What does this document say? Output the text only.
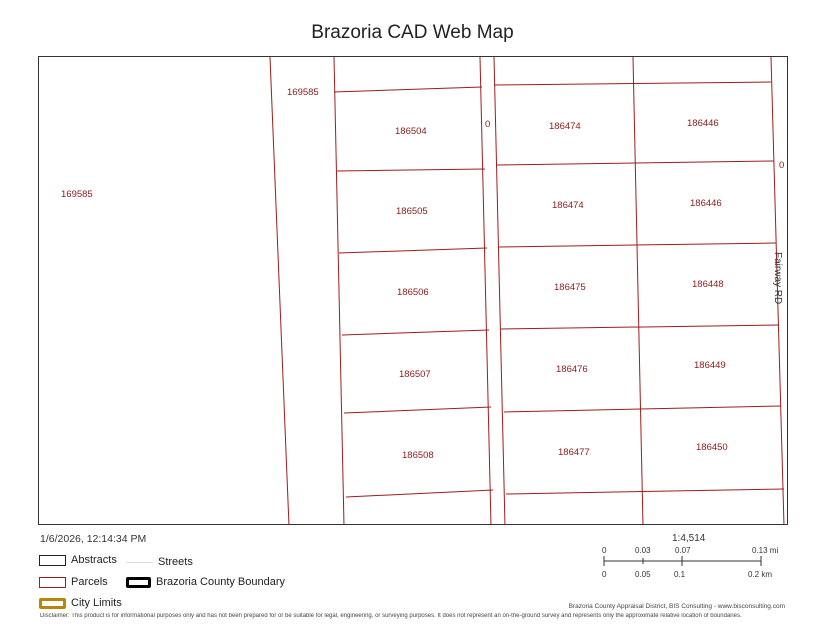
Brazoria CAD Web Map
169585
169585
186504
186505
186506
186507
186508
186474
186474
186475
186476
186477
186446
186446
186448
186449
186450
0
0
Fairway RD
1/6/2026, 12:14:34 PM
Abstracts	Streets
Parcels	Brazoria County Boundary
City Limits
1:4,514
0	0.03	0.07	0.13 mi
0	0.05	0.1	0.2 km
Brazoria County Appraisal District, BIS Consulting - www.bisconsulting.com
Disclaimer: This product is for informational purposes only and has not been prepared for or be suitable for legal, engineering, or surveying purposes. It does not represent an on-the-ground survey and represents only the approximate relative location of boundaries.
